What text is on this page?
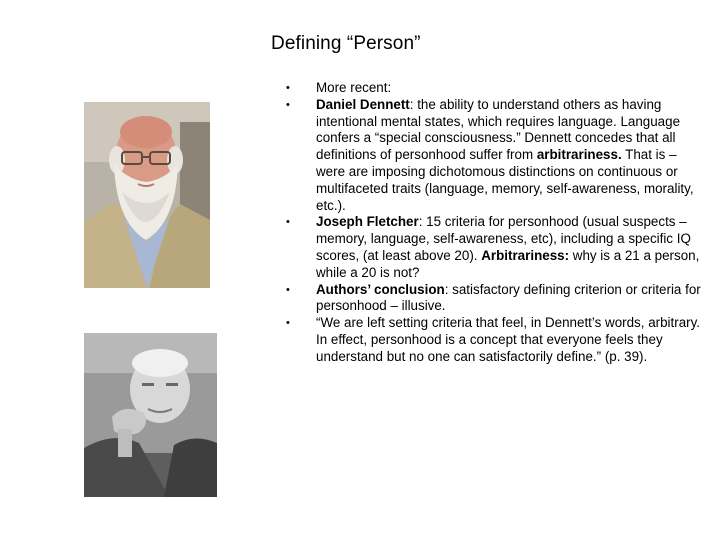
Defining “Person”
• More recent:
• Daniel Dennett: the ability to understand others as having intentional mental states, which requires language. Language confers a “special consciousness.” Dennett concedes that all definitions of personhood suffer from arbitrariness. That is – were are imposing dichotomous distinctions on continuous or multifaceted traits (language, memory, self-awareness, morality, etc.).
• Joseph Fletcher: 15 criteria for personhood (usual suspects – memory, language, self-awareness, etc), including a specific IQ scores, (at least above 20). Arbitrariness: why is a 21 a person, while a 20 is not?
• Authors’ conclusion: satisfactory defining criterion or criteria for personhood – illusive.
• “We are left setting criteria that feel, in Dennett’s words, arbitrary. In effect, personhood is a concept that everyone feels they understand but no one can satisfactorily define.” (p. 39).
